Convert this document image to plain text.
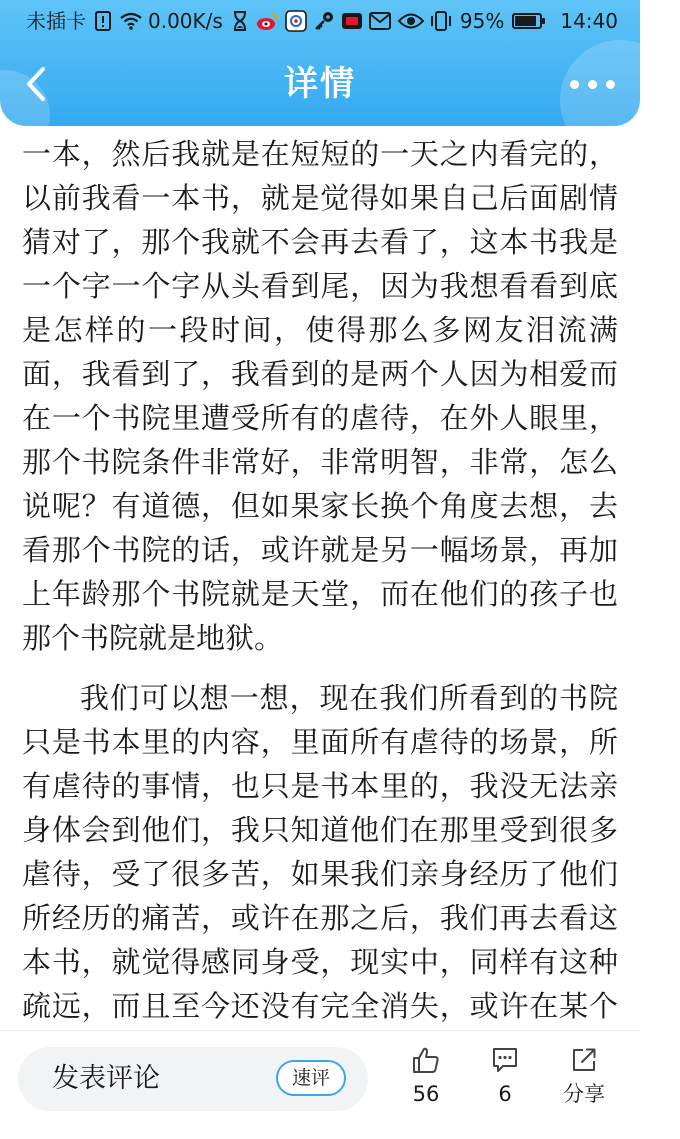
未插卡	0.00K/s	95%	14:40
详情

一本，然后我就是在短短的一天之内看完的，以前我看一本书，就是觉得如果自己后面剧情猜对了，那个我就不会再去看了，这本书我是一个字一个字从头看到尾，因为我想看看到底是怎样的一段时间，使得那么多网友泪流满面，我看到了，我看到的是两个人因为相爱而在一个书院里遭受所有的虐待，在外人眼里，那个书院条件非常好，非常明智，非常，怎么说呢？有道德，但如果家长换个角度去想，去看那个书院的话，或许就是另一幅场景，再加上年龄那个书院就是天堂，而在他们的孩子也那个书院就是地狱。

我们可以想一想，现在我们所看到的书院只是书本里的内容，里面所有虐待的场景，所有虐待的事情，也只是书本里的，我没无法亲身体会到他们，我只知道他们在那里受到很多虐待，受了很多苦，如果我们亲身经历了他们所经历的痛苦，或许在那之后，我们再去看这本书，就觉得感同身受，现实中，同样有这种疏远，而且至今还没有完全消失，或许在某个

发表评论	速评
56	6	分享
